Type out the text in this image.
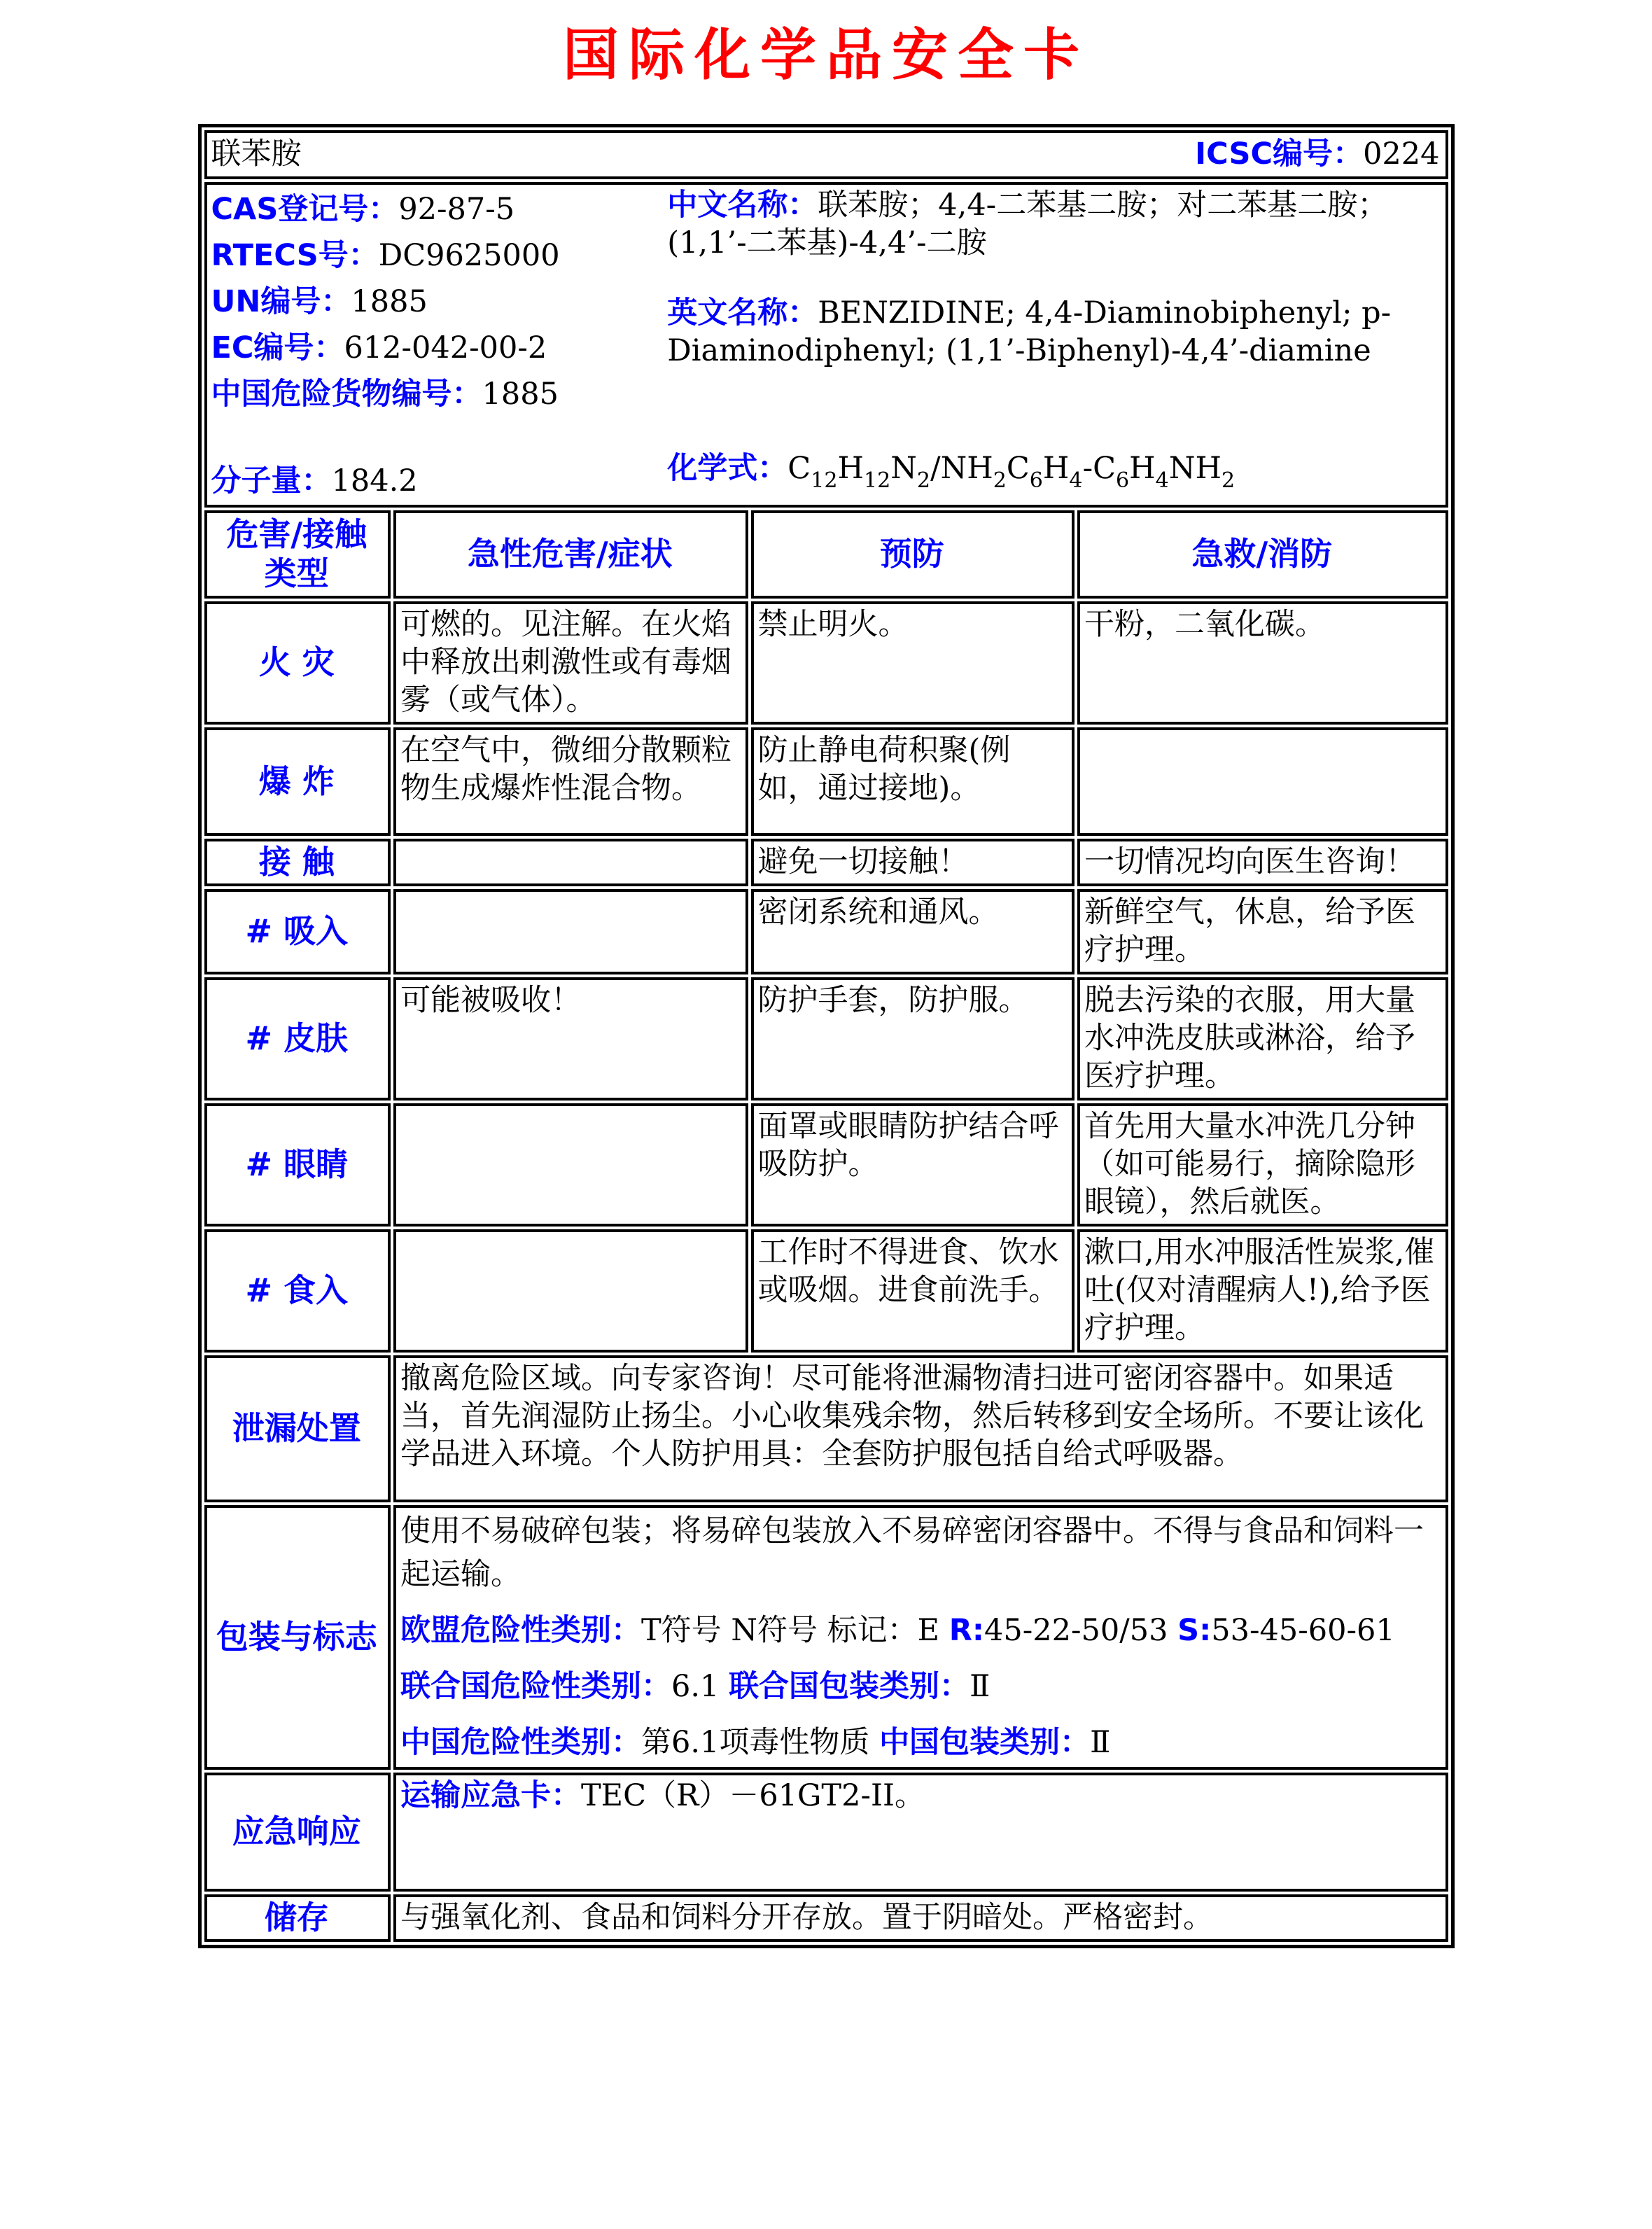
国际化学品安全卡
联苯胺 ICSC编号：0224			

CAS登记号：92-87-5
RTECS号：DC9625000
UN编号：1885
EC编号：612-042-00-2
中国危险货物编号：1885
分子量：184.2
中文名称：联苯胺；4,4-二苯基二胺；对二苯基二胺；(1,1’-二苯基)-4,4’-二胺
英文名称：BENZIDINE; 4,4-Diaminobiphenyl; p-Diaminodiphenyl; (1,1’-Biphenyl)-4,4’-diamine
化学式：$C_{12}H_{12}N_2/NH_2C_6H_4-C_6H_4NH_2$

危害/接触 类型	急性危害/症状	预防	急救/消防
火 灾	可燃的。见注解。在火焰中释放出刺激性或有毒烟雾（或气体）。	禁止明火。	干粉，二氧化碳。
爆 炸	在空气中，微细分散颗粒物生成爆炸性混合物。	防止静电荷积聚(例如，通过接地)。	
接 触		避免一切接触！	一切情况均向医生咨询！
# 吸入		密闭系统和通风。	新鲜空气，休息，给予医疗护理。
# 皮肤	可能被吸收！	防护手套，防护服。	脱去污染的衣服，用大量水冲洗皮肤或淋浴，给予医疗护理。
# 眼睛		面罩或眼睛防护结合呼吸防护。	首先用大量水冲洗几分钟（如可能易行，摘除隐形眼镜），然后就医。
# 食入		工作时不得进食、饮水或吸烟。进食前洗手。	漱口,用水冲服活性炭浆,催吐(仅对清醒病人!),给予医疗护理。
泄漏处置	撤离危险区域。向专家咨询！尽可能将泄漏物清扫进可密闭容器中。如果适当，首先润湿防止扬尘。小心收集残余物，然后转移到安全场所。不要让该化学品进入环境。个人防护用具：全套防护服包括自给式呼吸器。		
包装与标志	使用不易破碎包装；将易碎包装放入不易碎密闭容器中。不得与食品和饲料一起运输。
欧盟危险性类别：T符号 N符号 标记：E R:45-22-50/53 S:53-45-60-61
联合国危险性类别：6.1 联合国包装类别：Ⅱ
中国危险性类别：第6.1项毒性物质 中国包装类别：Ⅱ		

应急响应	运输应急卡：TEC（R）－61GT2-II。		
储存	与强氧化剂、食品和饲料分开存放。置于阴暗处。严格密封。		
